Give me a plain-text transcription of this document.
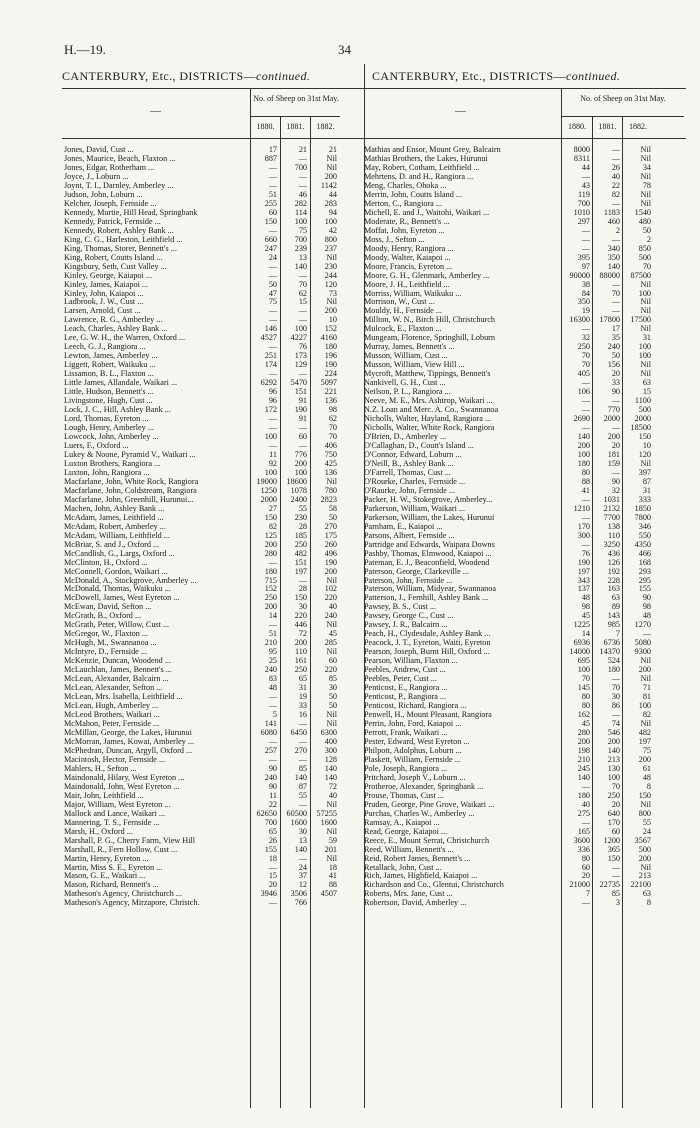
H.—19.	34
CANTERBURY, Etc., DISTRICTS—continued.	CANTERBURY, Etc., DISTRICTS—continued.
—
No. of Sheep on 31st May.
1880.	1881.	1882.
—
No. of Sheep on 31st May.
1880.	1881.	1882.
Jones, David, Cust ...	17	21	21
Jones, Maurice, Beach, Flaxton ...	887	—	Nil
Jones, Edgar, Rotherham ...	—	700	Nil
Joyce, J., Loburn ...	—	—	200
Joynt, T. I., Darnley, Amberley ...	—	—	1142
Judson, John, Loburn ...	51	46	44
Kelcher, Joseph, Fernside ...	255	282	283
Kennedy, Murtie, Hill Head, Springbank	60	114	94
Kennedy, Patrick, Fernside ...	150	100	100
Kennedy, Robert, Ashley Bank ...	—	75	42
King, C. G., Harleston, Leithfield ...	660	700	800
King, Thomas, Storer, Bennett's ...	247	239	237
King, Robert, Coutts Island ...	24	13	Nil
Kingsbury, Seth, Cust Valley ...	—	140	230
Kinley, George, Kaiapoi ...	—	—	244
Kinley, James, Kaiapoi ...	50	70	120
Kinley, John, Kaiapoi ...	47	62	73
Ladbrook, J. W., Cust ...	75	15	Nil
Larsen, Arnold, Cust ...	—	—	200
Lawrence, R. G., Amberley ...	—	—	10
Leach, Charles, Ashley Bank ...	146	100	152
Lee, G. W. H., the Warren, Oxford ...	4527	4227	4160
Leech, G. J., Rangiora ...	—	76	180
Lewton, James, Amberley ...	251	173	196
Liggett, Robert, Waikuku ...	174	129	190
Lissamon, B. L., Flaxton ...	—	—	224
Little James, Allandale, Waikari ...	6292	5470	5097
Little, Hudson, Bennett's ...	96	151	221
Livingstone, Hugh, Cust ...	96	91	136
Lock, J. C., Hill, Ashley Bank ...	172	190	98
Lord, Thomas, Eyreton ...	—	91	62
Lough, Henry, Amberley ...	—	—	70
Lowcock, John, Amberley ...	100	60	70
Luers, F., Oxford ...	—	—	406
Lukey & Noone, Pyramid V., Waikari ...	11	776	750
Luxton Brothers, Rangiora ...	92	200	425
Luxton, John, Rangiora ...	100	100	136
Macfarlane, John, White Rock, Rangiora	19000	18600	Nil
Macfarlane, John, Coldstream, Rangiora	1250	1078	780
Macfarlane, John, Greenhill, Hurunui...	2000	2400	2823
Machen, John, Ashley Bank ...	27	55	58
McAdam, James, Leithfield ...	150	230	50
McAdam, Robert, Amberley ...	82	28	270
McAdam, William, Leithfield ...	125	185	175
McBriar, S. and J., Oxford ...	200	250	260
McCandlish, G., Largs, Oxford ...	280	482	496
McClinton, H., Oxford ...	—	151	190
McConnell, Gordon, Waikari ...	180	197	200
McDonald, A., Stockgrove, Amberley ...	715	—	Nil
McDonald, Thomas, Waikuku ...	152	28	102
McDowell, James, West Eyreton ...	250	150	220
McEwan, David, Sefton ...	200	30	40
McGrath, B., Oxford ...	14	220	240
McGrath, Peter, Willow, Cust ...	—	446	Nil
McGregor, W., Flaxton ...	51	72	45
McHugh, M., Swannanoa ...	210	200	285
McIntyre, D., Fernside ...	95	110	Nil
McKenzie, Duncan, Woodend ...	25	161	60
McLauchlan, James, Bennett's ...	240	250	220
McLean, Alexander, Balcairn ...	83	65	85
McLean, Alexander, Sefton ...	48	31	30
McLean, Mrs. Isabella, Leithfield ...	—	19	50
McLean, Hugh, Amberley ...	—	33	50
McLeod Brothers, Waikari ...	5	16	Nil
McMahon, Peter, Fernside ...	141	—	Nil
McMillan, George, the Lakes, Hurunui	6080	6450	6300
McMorran, James, Kowai, Amberley ...	—	—	400
McPhedran, Duncan, Argyll, Oxford ...	257	270	300
Macintosh, Hector, Fernside ...	—	—	128
Mahlers, H., Sefton ...	90	85	140
Maindonald, Hilary, West Eyreton ...	240	140	140
Maindonald, John, West Eyreton ...	90	87	72
Mair, John, Leithfield ...	11	55	40
Major, William, West Eyreton ...	22	—	Nil
Mallock and Lance, Waikari ...	62650	60500	57255
Mannering, T. S., Fernside ...	700	1600	1600
Marsh, H., Oxford ...	65	30	Nil
Marshall, P. G., Cherry Farm, View Hill	26	13	59
Marshall, R., Fern Hollow, Cust ...	155	140	201
Martin, Henry, Eyreton ...	18	—	Nil
Martin, Miss S. E., Eyreton ...	—	24	18
Mason, G. E., Waikari ...	15	37	41
Mason, Richard, Bennett's ...	20	12	88
Matheson's Agency, Christchurch ...	3946	3506	4507
Matheson's Agency, Mirzapore, Christch.	—	766
Mathias and Ensor, Mount Grey, Balcairn	8000	—	Nil
Mathias Brothers, the Lakes, Hurunui	8311	—	Nil
May, Robert, Cotham, Leithfield ...	44	26	34
Mehrtens, D. and H., Rangiora ...	—	40	Nil
Meng, Charles, Ohoka ...	43	22	78
Merrin, John, Coutts Island ...	119	82	Nil
Merton, C., Rangiora ...	700	—	Nil
Michell, E. and J., Waitohi, Waikari ...	1010	1183	1540
Moderate, R., Bennett's ...	297	460	480
Moffat, John, Eyreton ...	—	2	50
Moss, J., Sefton ...	—	—	2
Moody, Henry, Rangiora ...	—	340	850
Moody, Walter, Kaiapoi ...	395	350	500
Moore, Francis, Eyreton ...	97	140	70
Moore, G. H., Glenmark, Amberley ...	90000	88000	87500
Moore, J. H., Leithfield ...	38	—	Nil
Morriss, William, Waikuku ...	84	70	100
Morrison, W., Cust ...	350	—	Nil
Mouldy, H., Fernside ...	19	—	Nil
Millton, W. N., Birch Hill, Christchurch	16300	17800	17500
Mulcock, E., Flaxton ...	—	17	Nil
Mungeam, Florence, Springhill, Loburn	32	35	31
Murray, James, Bennett's ...	250	240	100
Musson, William, Cust ...	70	50	100
Musson, William, View Hill ...	70	156	Nil
Mycroft, Matthew, Tippings, Bennett's	405	20	Nil
Nankivell, G. H., Cust ...	—	33	63
Neilson, P. L., Rangiora ...	106	90	15
Neeve, M. E., Mrs. Ashtrop, Waikari ...	—	—	1100
N.Z. Loan and Merc. A. Co., Swannanoa	—	770	500
Nicholls, Walter, Hayland, Rangiora ...	2690	2000	2000
Nicholls, Walter, White Rock, Rangiora	—	—	18500
O'Brien, D., Amberley ...	140	200	150
O'Callaghan, D., Coutt's Island ...	200	20	10
O'Connor, Edward, Loburn ...	100	181	120
O'Neill, B., Ashley Bank ...	180	159	Nil
O'Farrell, Thomas, Cust ...	80	—	397
O'Rourke, Charles, Fernside ...	88	90	87
O'Raurke, John, Fernside ...	41	32	31
Packer, H. W., Stokegrove, Amberley...	—	1031	333
Parkerson, William, Waikari ...	1210	2132	1850
Parkerson, William, the Lakes, Hurunui	—	7700	7800
Parnham, E., Kaiapoi ...	170	138	346
Parsons, Albert, Fernside ...	300	110	550
Partridge and Edwards, Waipara Downs	—	3250	4350
Pashby, Thomas, Elmwood, Kaiapoi ...	76	436	466
Pateman, E. J., Beaconfield, Woodend	190	126	168
Paterson, George, Clarkeville ...	197	192	293
Paterson, John, Fernside ...	343	228	295
Paterson, William, Midyear, Swannanoa	137	163	155
Patterson, J., Fernhill, Ashley Bank ...	48	63	90
Pawsey, B. S., Cust ...	98	89	98
Pawsey, George C., Cust ...	45	143	48
Pawsey, J. R., Balcairn ...	1225	985	1270
Peach, H., Clydesdale, Ashley Bank ...	14	7	—
Peacock, J. T., Eyreton, Waiti, Eyreton	6936	6736	5080
Pearson, Joseph, Burnt Hill, Oxford ...	14000	14370	9300
Pearson, William, Flaxton ...	695	524	Nil
Peebles, Andrew, Cust ...	100	180	200
Peebles, Peter, Cust ...	70	—	Nil
Penticost, E., Rangiora ...	145	70	71
Penticost, P., Rangiora ...	80	30	81
Penticost, Richard, Rangiora ...	80	86	100
Penwell, H., Mount Pleasant, Rangiora	162	—	82
Perrin, John, Ford, Kaiapoi ...	45	74	Nil
Perrott, Frank, Waikari ...	280	546	482
Pester, Edward, West Eyreton ...	200	200	197
Philpott, Adolphus, Loburn ...	198	140	75
Plaskett, William, Fernside ...	210	213	200
Pole, Joseph, Rangiora ...	245	130	61
Pritchard, Joseph V., Loburn ...	140	100	48
Protheroe, Alexander, Springbank ...	—	70	8
Prouse, Thomas, Cust ...	180	250	150
Pruden, George, Pine Grove, Waikari ...	40	20	Nil
Purchas, Charles W., Amberley ...	275	640	800
Ramsay, A., Kaiapoi ...	—	170	55
Read, George, Kaiapoi ...	165	60	24
Reece, E., Mount Serrat, Christchurch	3600	1200	3567
Reed, William, Bennett's ...	336	365	500
Reid, Robert James, Bennett's ...	80	150	200
Retallack, John, Cust ...	60	—	Nil
Rich, James, Highfield, Kaiapoi ...	20	—	213
Richardson and Co., Glentui, Christchurch	21000	22735	22100
Roberts, Mrs. Jane, Cust ...	7	85	63
Robertson, David, Amberley ...	—	3	8
